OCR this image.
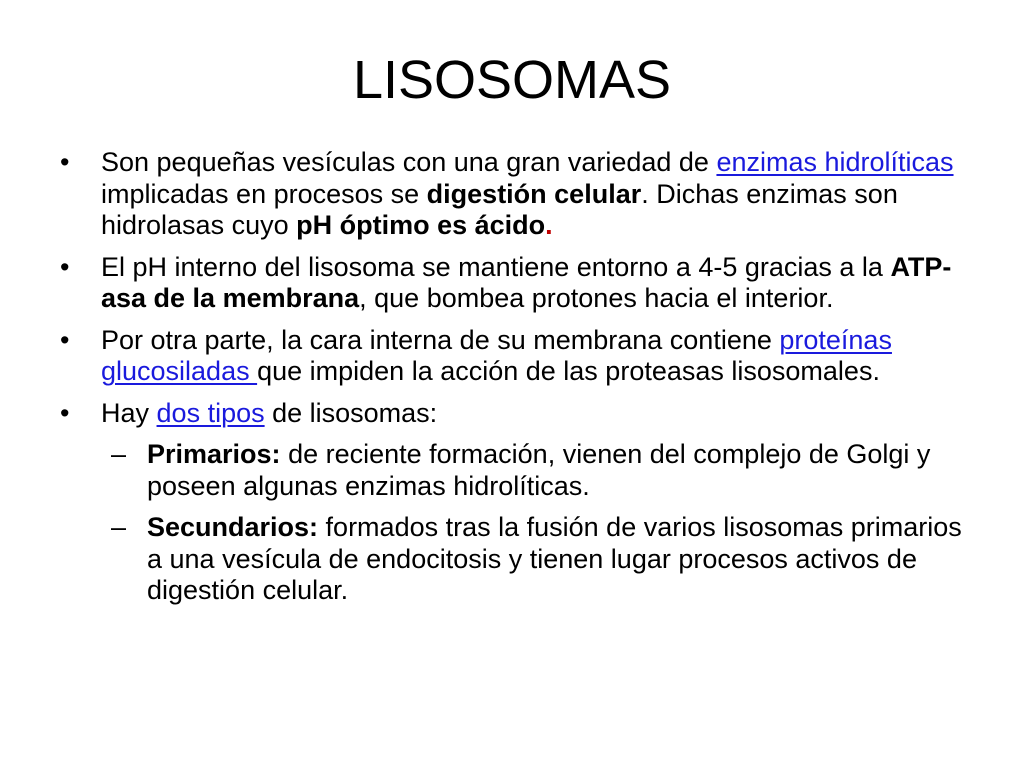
LISOSOMAS
•	Son pequeñas vesículas con una gran variedad de enzimas hidrolíticas implicadas en procesos se digestión celular. Dichas enzimas son hidrolasas cuyo pH óptimo es ácido.
•	El pH interno del lisosoma se mantiene entorno a 4-5 gracias a la ATP-asa de la membrana, que bombea protones hacia el interior.
•	Por otra parte, la cara interna de su membrana contiene proteínas glucosiladas que impiden la acción de las proteasas lisosomales.
•	Hay dos tipos de lisosomas:
– Primarios: de reciente formación, vienen del complejo de Golgi y poseen algunas enzimas hidrolíticas.
– Secundarios: formados tras la fusión de varios lisosomas primarios a una vesícula de endocitosis y tienen lugar procesos activos de digestión celular.
